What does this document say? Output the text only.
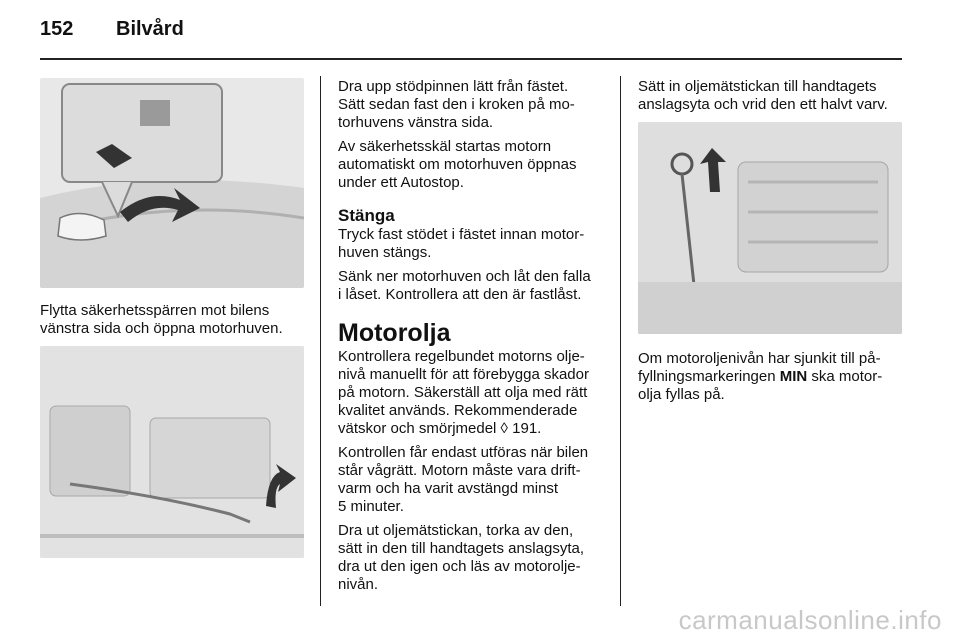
152 Bilvård

Flytta säkerhetsspärren mot bilens

vänstra sida och öppna motorhuven.

Dra upp stödpinnen lätt från fästet.

Sätt sedan fast den i kroken på mo-

torhuvens vänstra sida.

Av säkerhetsskäl startas motorn

automatiskt om motorhuven öppnas

under ett Autostop.

Stänga

Tryck fast stödet i fästet innan motor-

huven stängs.

Sänk ner motorhuven och låt den falla

i låset. Kontrollera att den är fastlåst.

Motorolja

Kontrollera regelbundet motorns olje-

nivå manuellt för att förebygga skador

på motorn. Säkerställ att olja med rätt

kvalitet används. Rekommenderade

vätskor och smörjmedel ◊ 191.

Kontrollen får endast utföras när bilen

står vågrätt. Motorn måste vara drift-

varm och ha varit avstängd minst

5 minuter.

Dra ut oljemätstickan, torka av den,

sätt in den till handtagets anslagsyta,

dra ut den igen och läs av motorolje-

nivån.

Sätt in oljemätstickan till handtagets

anslagsyta och vrid den ett halvt varv.

Om motoroljenivån har sjunkit till på-

fyllningsmarkeringen MIN ska motor-

olja fyllas på.

carmanualsonline.info
